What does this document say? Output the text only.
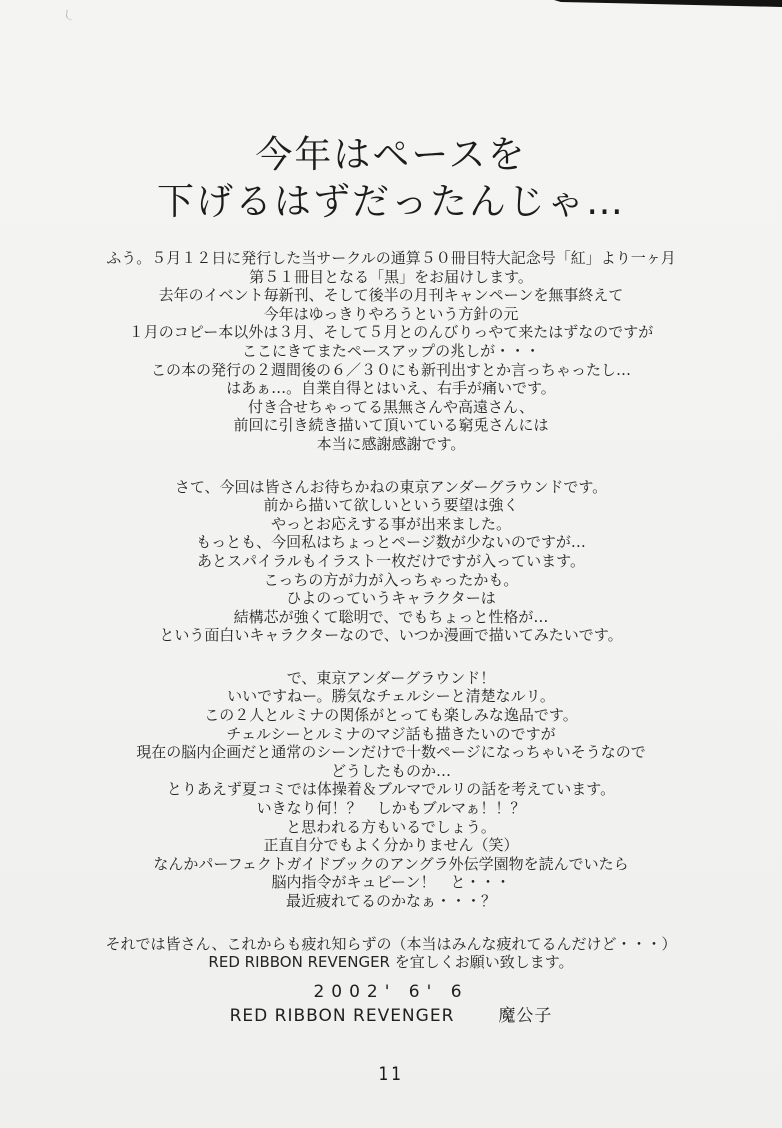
今年はペースを
下げるはずだったんじゃ…
ふう。５月１２日に発行した当サークルの通算５０冊目特大記念号「紅」より一ヶ月
第５１冊目となる「黒」をお届けします。
去年のイベント毎新刊、そして後半の月刊キャンペーンを無事終えて
今年はゆっきりやろうという方針の元
１月のコピー本以外は３月、そして５月とのんびりっやて来たはずなのですが
ここにきてまたペースアップの兆しが・・・
この本の発行の２週間後の６／３０にも新刊出すとか言っちゃったし…
はあぁ…。自業自得とはいえ、右手が痛いです。
付き合せちゃってる黒無さんや高遠さん、
前回に引き続き描いて頂いている窮兎さんには
本当に感謝感謝です。
さて、今回は皆さんお待ちかねの東京アンダーグラウンドです。
前から描いて欲しいという要望は強く
やっとお応えする事が出来ました。
もっとも、今回私はちょっとページ数が少ないのですが…
あとスパイラルもイラスト一枚だけですが入っています。
こっちの方が力が入っちゃったかも。
ひよのっていうキャラクターは
結構芯が強くて聡明で、でもちょっと性格が…
という面白いキャラクターなので、いつか漫画で描いてみたいです。
で、東京アンダーグラウンド！
いいですねー。勝気なチェルシーと清楚なルリ。
この２人とルミナの関係がとっても楽しみな逸品です。
チェルシーとルミナのマジ話も描きたいのですが
現在の脳内企画だと通常のシーンだけで十数ページになっちゃいそうなので
どうしたものか…
とりあえず夏コミでは体操着＆ブルマでルリの話を考えています。
いきなり何！？　しかもブルマぁ！！？
と思われる方もいるでしょう。
正直自分でもよく分かりません（笑）
なんかパーフェクトガイドブックのアングラ外伝学園物を読んでいたら
脳内指令がキュピーン！　と・・・
最近疲れてるのかなぁ・・・？
それでは皆さん、これからも疲れ知らずの（本当はみんな疲れてるんだけど・・・）
RED RIBBON REVENGER を宜しくお願い致します。
2002' 6' 6
RED RIBBON REVENGER	魔公子
11
